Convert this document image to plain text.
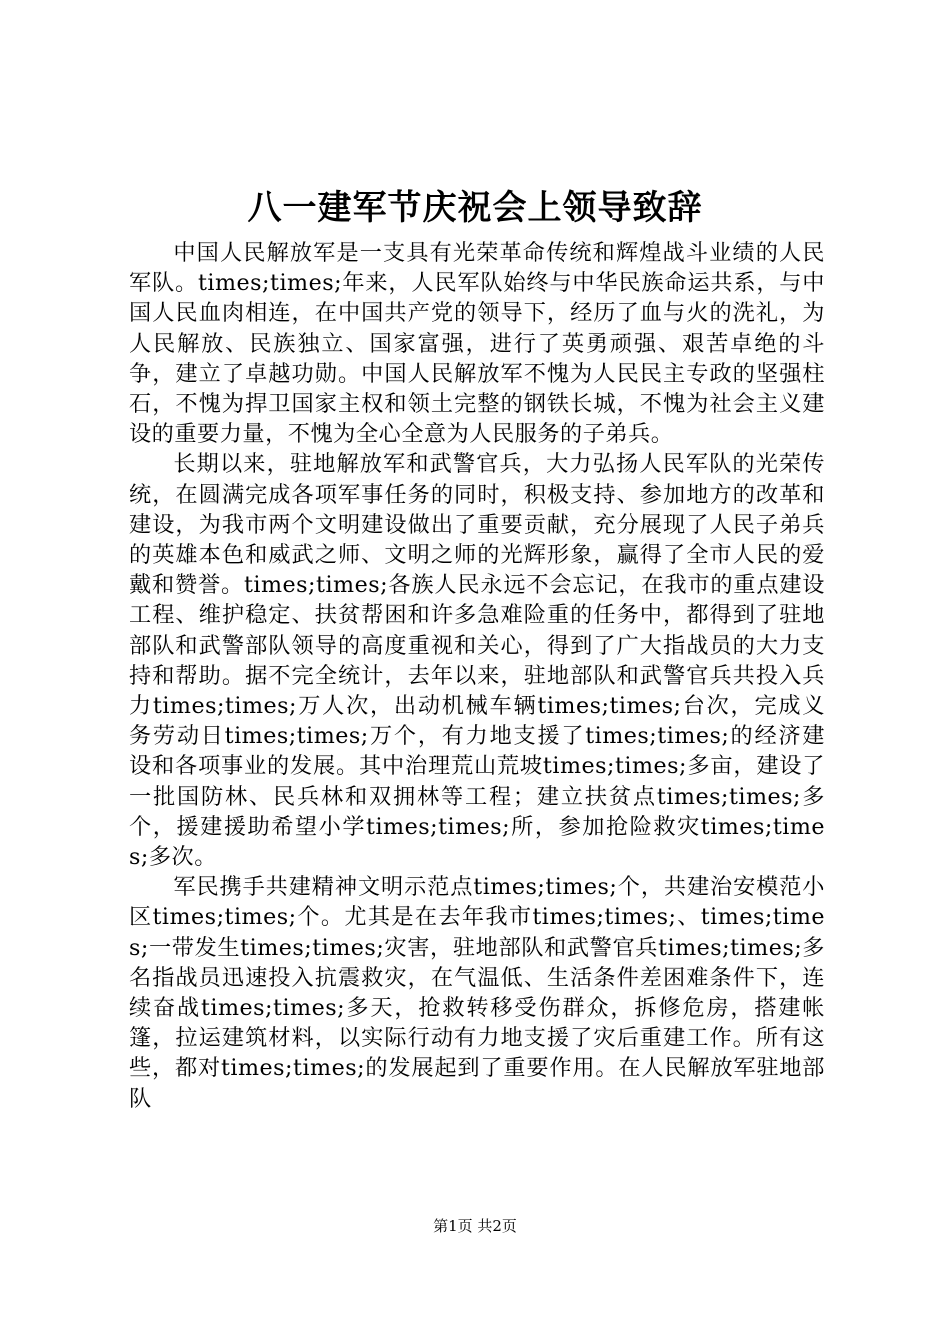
八一建军节庆祝会上领导致辞

中国人民解放军是一支具有光荣革命传统和辉煌战斗业绩的人民军队。times;times;年来，人民军队始终与中华民族命运共系，与中国人民血肉相连，在中国共产党的领导下，经历了血与火的洗礼，为人民解放、民族独立、国家富强，进行了英勇顽强、艰苦卓绝的斗争，建立了卓越功勋。中国人民解放军不愧为人民民主专政的坚强柱石，不愧为捍卫国家主权和领土完整的钢铁长城，不愧为社会主义建设的重要力量，不愧为全心全意为人民服务的子弟兵。

长期以来，驻地解放军和武警官兵，大力弘扬人民军队的光荣传统，在圆满完成各项军事任务的同时，积极支持、参加地方的改革和建设，为我市两个文明建设做出了重要贡献，充分展现了人民子弟兵的英雄本色和威武之师、文明之师的光辉形象，赢得了全市人民的爱戴和赞誉。times;times;各族人民永远不会忘记，在我市的重点建设工程、维护稳定、扶贫帮困和许多急难险重的任务中，都得到了驻地部队和武警部队领导的高度重视和关心，得到了广大指战员的大力支持和帮助。据不完全统计，去年以来，驻地部队和武警官兵共投入兵力times;times;万人次，出动机械车辆times;times;台次，完成义务劳动日times;times;万个，有力地支援了times;times;的经济建设和各项事业的发展。其中治理荒山荒坡times;times;多亩，建设了一批国防林、民兵林和双拥林等工程；建立扶贫点times;times;多个，援建援助希望小学times;times;所，参加抢险救灾times;times;多次。

军民携手共建精神文明示范点times;times;个，共建治安模范小区times;times;个。尤其是在去年我市times;times;、times;times;一带发生times;times;灾害，驻地部队和武警官兵times;times;多名指战员迅速投入抗震救灾，在气温低、生活条件差困难条件下，连续奋战times;times;多天，抢救转移受伤群众，拆修危房，搭建帐篷，拉运建筑材料，以实际行动有力地支援了灾后重建工作。所有这些，都对times;times;的发展起到了重要作用。在人民解放军驻地部队

第1页 共2页
